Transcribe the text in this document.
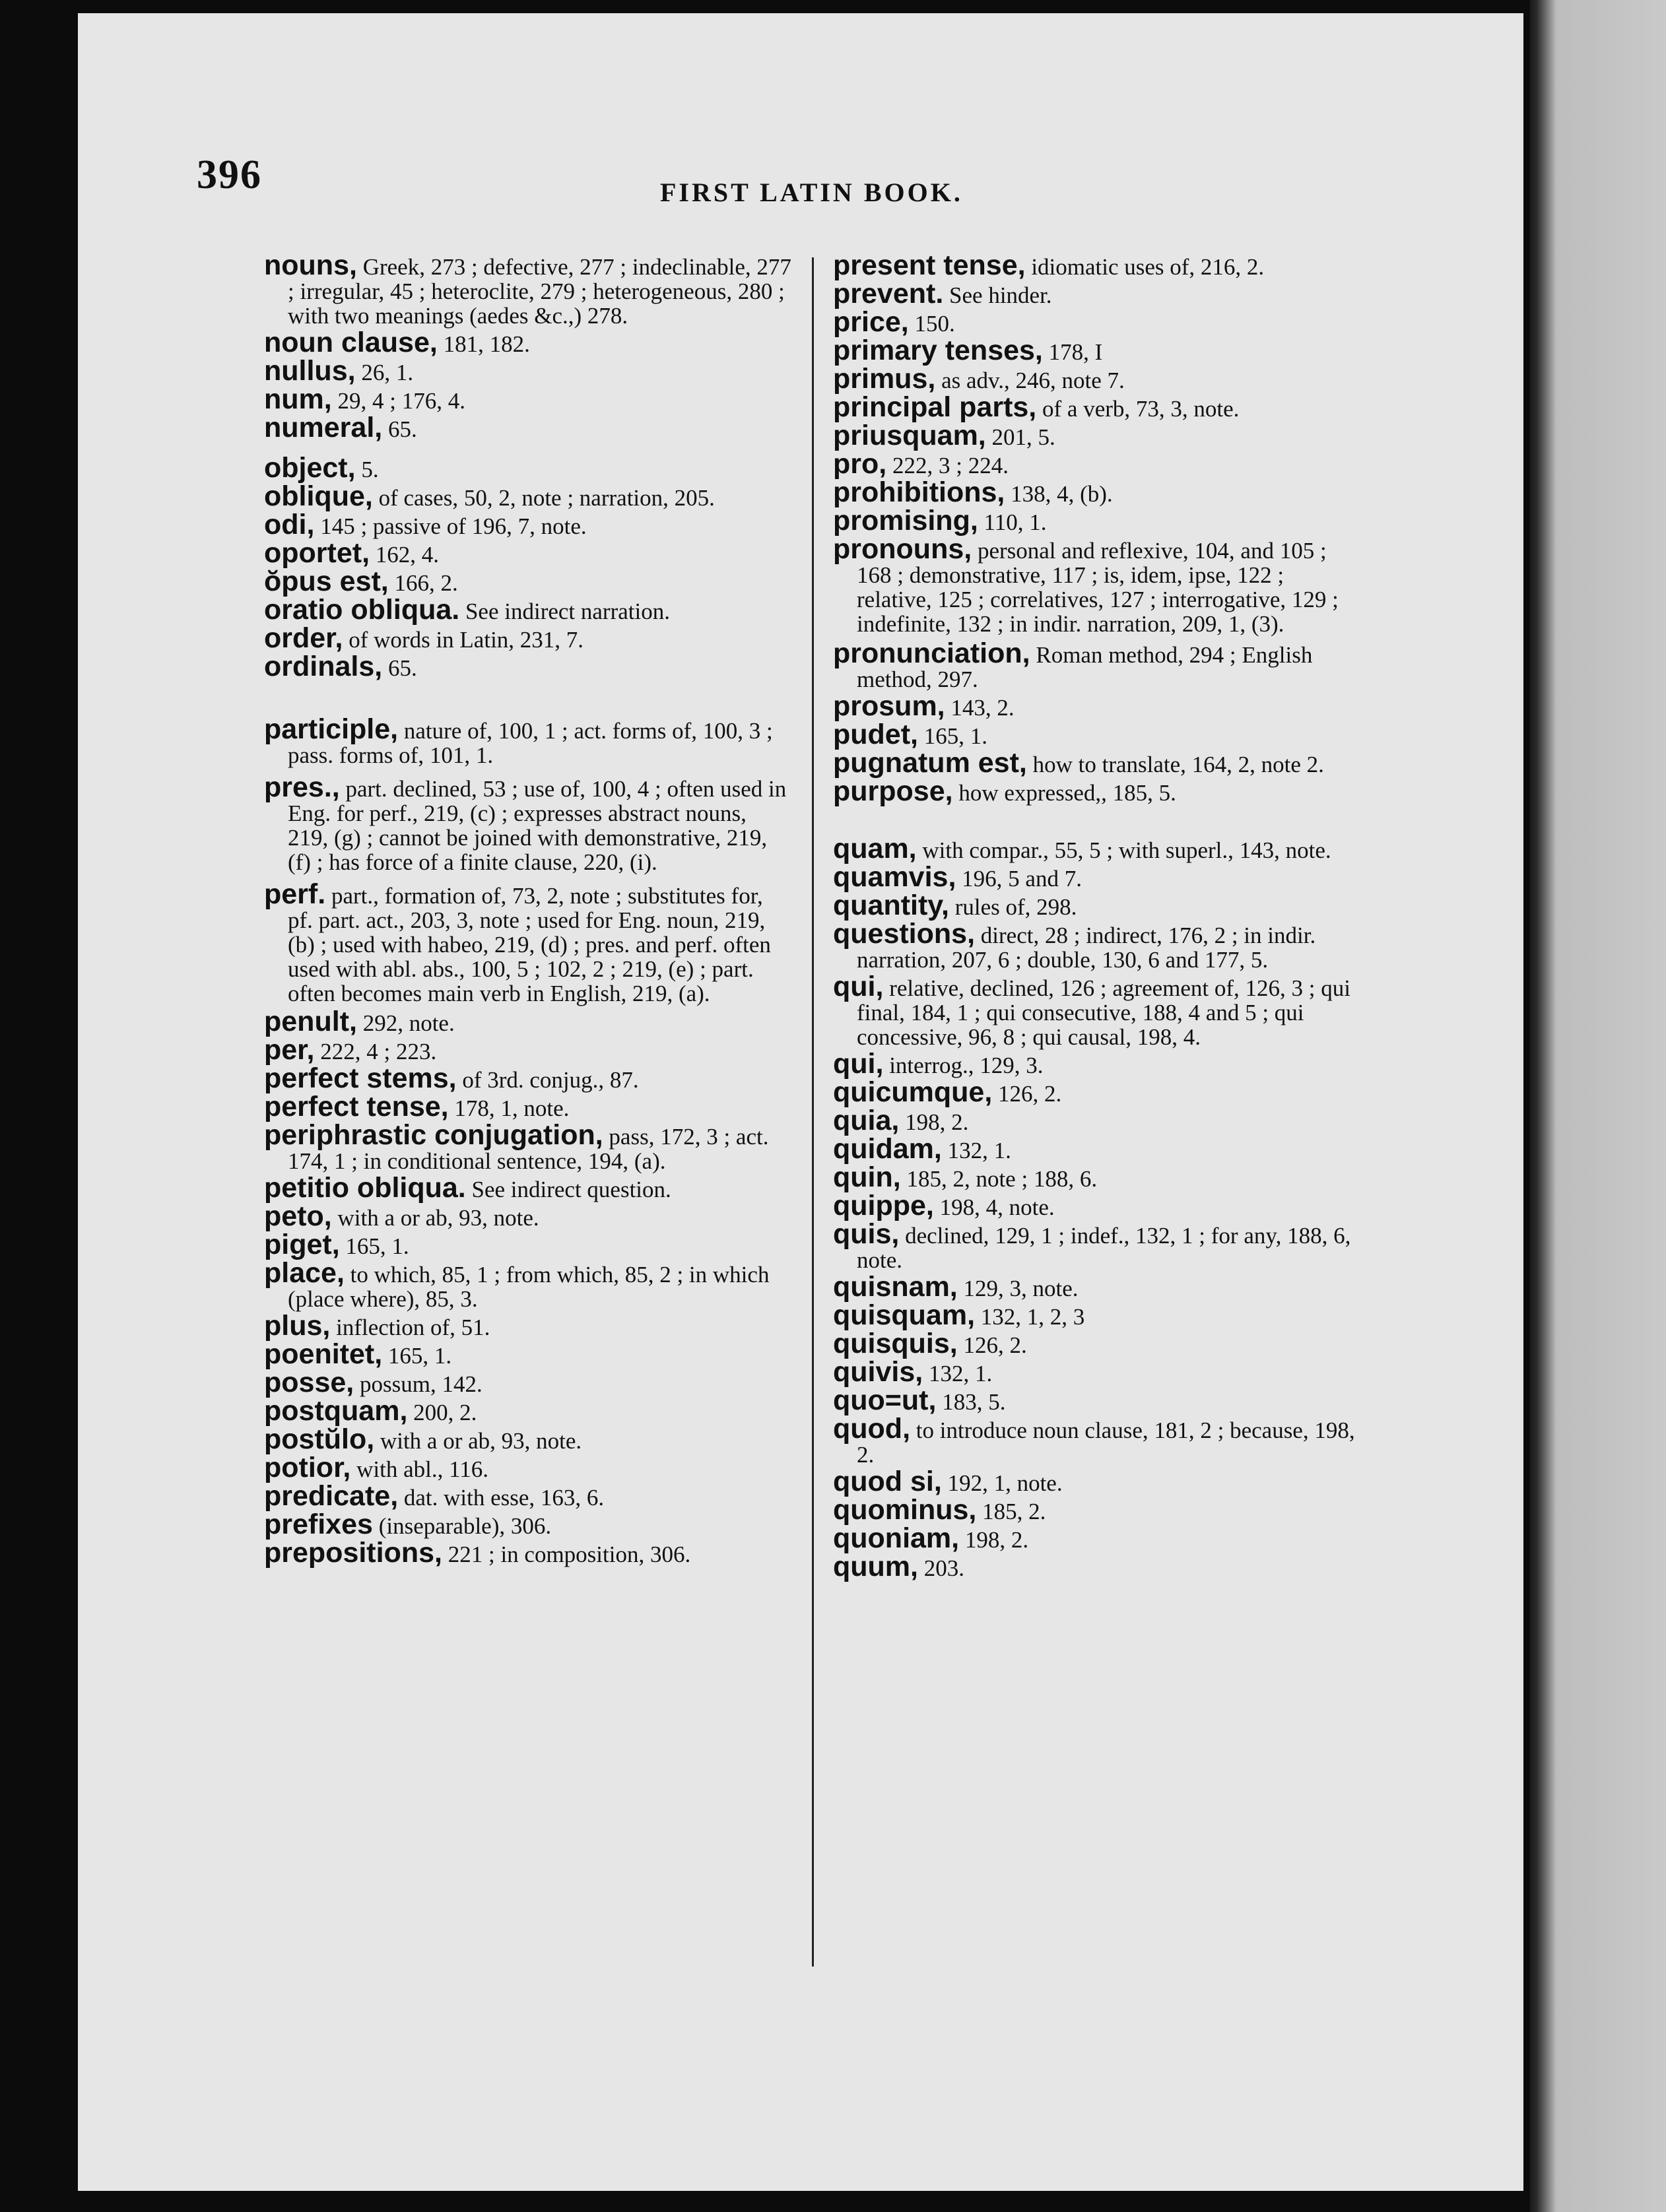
396	FIRST LATIN BOOK.
nouns, Greek, 273 ; defective, 277 ; indeclinable, 277 ; irregular, 45 ; heteroclite, 279 ; heterogeneous, 280 ; with two meanings (aedes &c.,) 278.
noun clause, 181, 182.
nullus, 26, 1.
num, 29, 4 ; 176, 4.
numeral, 65.
object, 5.
oblique, of cases, 50, 2, note ; narration, 205.
odi, 145 ; passive of 196, 7, note.
oportet, 162, 4.
ŏpus est, 166, 2.
oratio obliqua. See indirect narration.
order, of words in Latin, 231, 7.
ordinals, 65.
participle, nature of, 100, 1 ; act. forms of, 100, 3 ; pass. forms of, 101, 1.
pres., part. declined, 53 ; use of, 100, 4 ; often used in Eng. for perf., 219, (c) ; expresses abstract nouns, 219, (g) ; cannot be joined with demonstrative, 219, (f) ; has force of a finite clause, 220, (i).
perf. part., formation of, 73, 2, note ; substitutes for, pf. part. act., 203, 3, note ; used for Eng. noun, 219, (b) ; used with habeo, 219, (d) ; pres. and perf. often used with abl. abs., 100, 5 ; 102, 2 ; 219, (e) ; part. often becomes main verb in English, 219, (a).
penult, 292, note.
per, 222, 4 ; 223.
perfect stems, of 3rd. conjug., 87.
perfect tense, 178, 1, note.
periphrastic conjugation, pass, 172, 3 ; act. 174, 1 ; in conditional sentence, 194, (a).
petitio obliqua. See indirect question.
peto, with a or ab, 93, note.
piget, 165, 1.
place, to which, 85, 1 ; from which, 85, 2 ; in which (place where), 85, 3.
plus, inflection of, 51.
poenitet, 165, 1.
posse, possum, 142.
postquam, 200, 2.
postŭlo, with a or ab, 93, note.
potior, with abl., 116.
predicate, dat. with esse, 163, 6.
prefixes (inseparable), 306.
prepositions, 221 ; in composition, 306.
present tense, idiomatic uses of, 216, 2.
prevent. See hinder.
price, 150.
primary tenses, 178, I
primus, as adv., 246, note 7.
principal parts, of a verb, 73, 3, note.
priusquam, 201, 5.
pro, 222, 3 ; 224.
prohibitions, 138, 4, (b).
promising, 110, 1.
pronouns, personal and reflexive, 104, and 105 ; 168 ; demonstrative, 117 ; is, idem, ipse, 122 ; relative, 125 ; correlatives, 127 ; interrogative, 129 ; indefinite, 132 ; in indir. narration, 209, 1, (3).
pronunciation, Roman method, 294 ; English method, 297.
prosum, 143, 2.
pudet, 165, 1.
pugnatum est, how to translate, 164, 2, note 2.
purpose, how expressed,, 185, 5.
quam, with compar., 55, 5 ; with superl., 143, note.
quamvis, 196, 5 and 7.
quantity, rules of, 298.
questions, direct, 28 ; indirect, 176, 2 ; in indir. narration, 207, 6 ; double, 130, 6 and 177, 5.
qui, relative, declined, 126 ; agreement of, 126, 3 ; qui final, 184, 1 ; qui consecutive, 188, 4 and 5 ; qui concessive, 96, 8 ; qui causal, 198, 4.
qui, interrog., 129, 3.
quicumque, 126, 2.
quia, 198, 2.
quidam, 132, 1.
quin, 185, 2, note ; 188, 6.
quippe, 198, 4, note.
quis, declined, 129, 1 ; indef., 132, 1 ; for any, 188, 6, note.
quisnam, 129, 3, note.
quisquam, 132, 1, 2, 3
quisquis, 126, 2.
quivis, 132, 1.
quo=ut, 183, 5.
quod, to introduce noun clause, 181, 2 ; because, 198, 2.
quod si, 192, 1, note.
quominus, 185, 2.
quoniam, 198, 2.
quum, 203.
